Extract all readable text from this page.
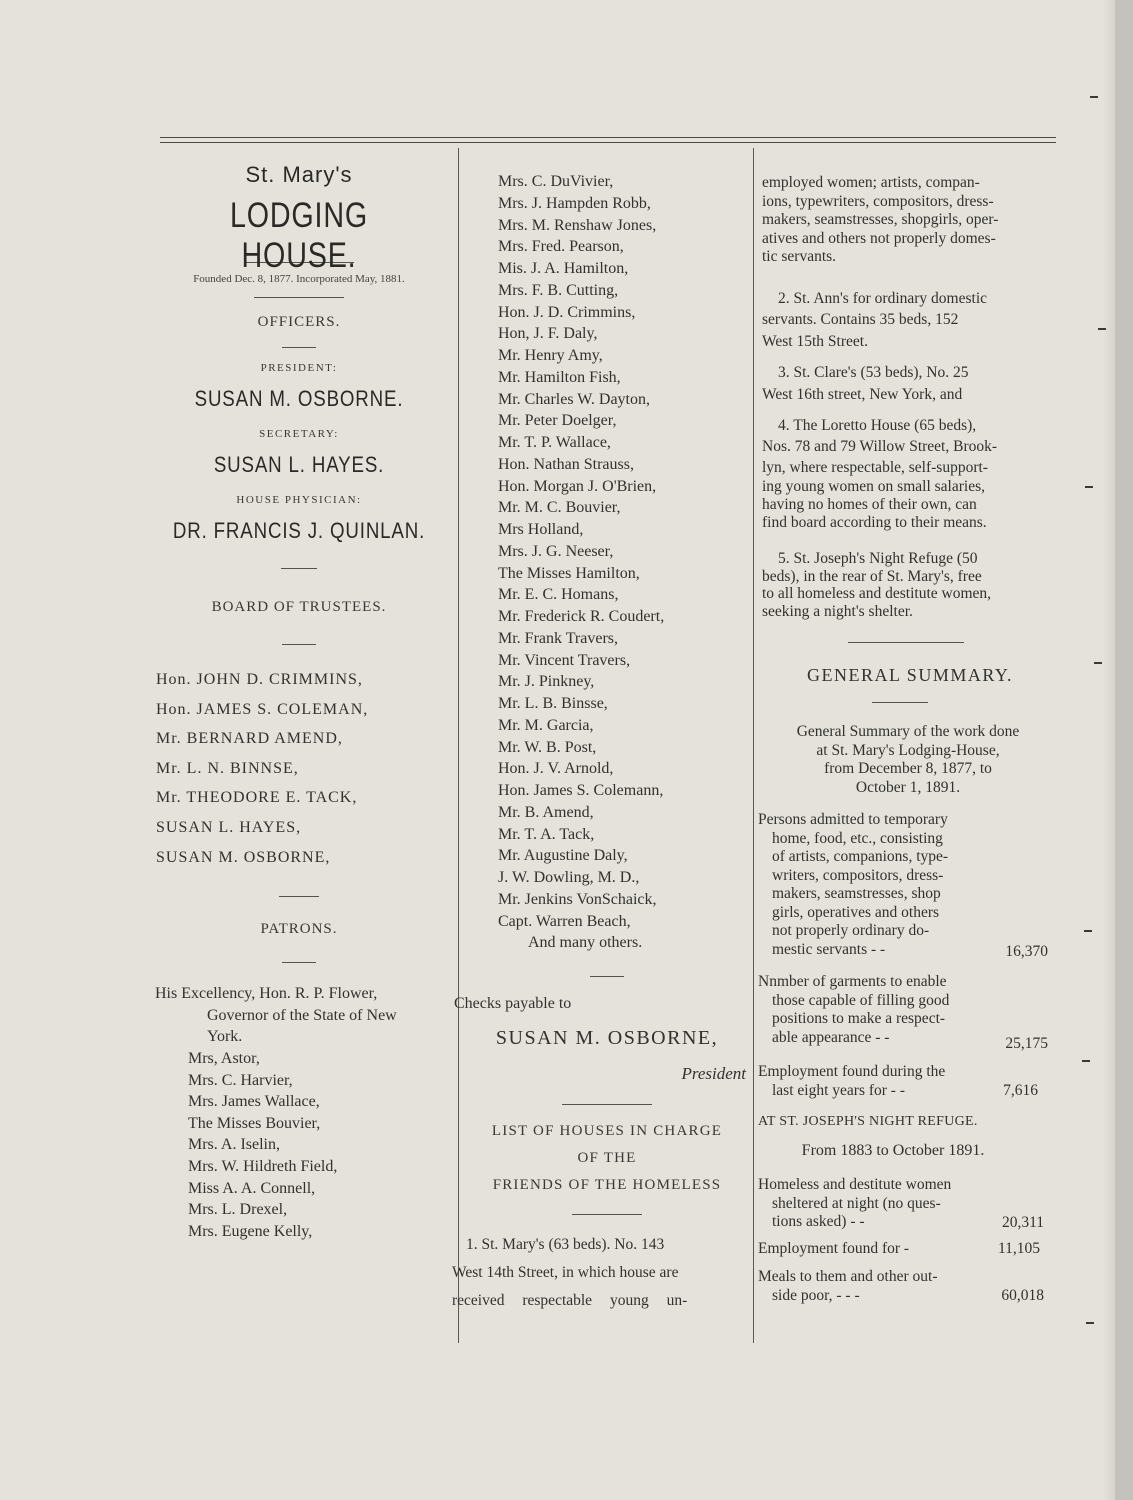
St. Mary's
LODGING HOUSE.
Founded Dec. 8, 1877. Incorporated May, 1881.
OFFICERS.
PRESIDENT:
SUSAN M. OSBORNE.
SECRETARY:
SUSAN L. HAYES.
HOUSE PHYSICIAN:
DR. FRANCIS J. QUINLAN.
BOARD OF TRUSTEES.
Hon. JOHN D. CRIMMINS,
Hon. JAMES S. COLEMAN,
Mr. BERNARD AMEND,
Mr. L. N. BINNSE,
Mr. THEODORE E. TACK,
SUSAN L. HAYES,
SUSAN M. OSBORNE,
PATRONS.
His Excellency, Hon. R. P. Flower,
Governor of the State of New
York.
Mrs, Astor,
Mrs. C. Harvier,
Mrs. James Wallace,
The Misses Bouvier,
Mrs. A. Iselin,
Mrs. W. Hildreth Field,
Miss A. A. Connell,
Mrs. L. Drexel,
Mrs. Eugene Kelly,
Mrs. C. DuVivier,
Mrs. J. Hampden Robb,
Mrs. M. Renshaw Jones,
Mrs. Fred. Pearson,
Mis. J. A. Hamilton,
Mrs. F. B. Cutting,
Hon. J. D. Crimmins,
Hon, J. F. Daly,
Mr. Henry Amy,
Mr. Hamilton Fish,
Mr. Charles W. Dayton,
Mr. Peter Doelger,
Mr. T. P. Wallace,
Hon. Nathan Strauss,
Hon. Morgan J. O'Brien,
Mr. M. C. Bouvier,
Mrs Holland,
Mrs. J. G. Neeser,
The Misses Hamilton,
Mr. E. C. Homans,
Mr. Frederick R. Coudert,
Mr. Frank Travers,
Mr. Vincent Travers,
Mr. J. Pinkney,
Mr. L. B. Binsse,
Mr. M. Garcia,
Mr. W. B. Post,
Hon. J. V. Arnold,
Hon. James S. Colemann,
Mr. B. Amend,
Mr. T. A. Tack,
Mr. Augustine Daly,
J. W. Dowling, M. D.,
Mr. Jenkins VonSchaick,
Capt. Warren Beach,
And many others.
Checks payable to
SUSAN M. OSBORNE,
President
LIST OF HOUSES IN CHARGE
OF THE
FRIENDS OF THE HOMELESS
1. St. Mary's (63 beds). No. 143
West 14th Street, in which house are
received respectable young un-
employed women; artists, compan-
ions, typewriters, compositors, dress-
makers, seamstresses, shopgirls, oper-
atives and others not properly domes-
tic servants.
2. St. Ann's for ordinary domestic
servants. Contains 35 beds, 152
West 15th Street.
3. St. Clare's (53 beds), No. 25
West 16th street, New York, and
4. The Loretto House (65 beds),
Nos. 78 and 79 Willow Street, Brook-
lyn, where respectable, self-support-
ing young women on small salaries,
having no homes of their own, can
find board according to their means.
5. St. Joseph's Night Refuge (50
beds), in the rear of St. Mary's, free
to all homeless and destitute women,
seeking a night's shelter.
GENERAL SUMMARY.
General Summary of the work done
at St. Mary's Lodging-House,
from December 8, 1877, to
October 1, 1891.
Persons admitted to temporary
home, food, etc., consisting
of artists, companions, type-
writers, compositors, dress-
makers, seamstresses, shop
girls, operatives and others
not properly ordinary do-
mestic servants - -	16,370
Nnmber of garments to enable
those capable of filling good
positions to make a respect-
able appearance - -	25,175
Employment found during the
last eight years for - -	7,616
AT ST. JOSEPH'S NIGHT REFUGE.
From 1883 to October 1891.
Homeless and destitute women
sheltered at night (no ques-
tions asked) - -	20,311
Employment found for -	11,105
Meals to them and other out-
side poor, - - -	60,018
